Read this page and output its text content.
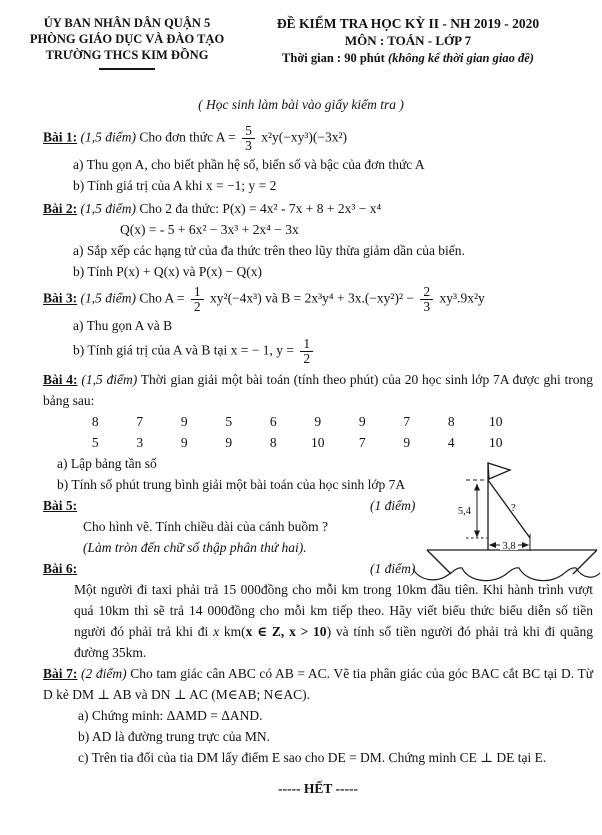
ỦY BAN NHÂN DÂN QUẬN 5
PHÒNG GIÁO DỤC VÀ ĐÀO TẠO
TRƯỜNG THCS KIM ĐỒNG
ĐỀ KIỂM TRA HỌC KỲ II - NH 2019 - 2020
MÔN : TOÁN - LỚP 7
Thời gian : 90 phút (không kể thời gian giao đề)

( Học sinh làm bài vào giấy kiểm tra )

Bài 1: (1,5 điểm) Cho đơn thức $A = \frac{5}{3} x^2y(-xy^3)(-3x^2)$

a) Thu gọn A, cho biết phần hệ số, biến số và bậc của đơn thức A

b) Tính giá trị của A khi x = −1; y = 2

Bài 2: (1,5 điểm) Cho 2 đa thức: P(x) = 4x² - 7x + 8 + 2x³ − x⁴

Q(x) = - 5 + 6x² − 3x³ + 2x⁴ − 3x

a) Sắp xếp các hạng tử của đa thức trên theo lũy thừa giảm dần của biến.

b) Tính P(x) + Q(x) và P(x) − Q(x)

Bài 3: (1,5 điểm) Cho $A = \frac{1}{2} xy^2(-4x^3)$ và $B = 2x^3y^4 + 3x.(-xy^2)^2 - \frac{2}{3} xy^3.9x^2y$

a) Thu gọn A và B

b) Tính giá trị của A và B tại x = − 1, $y = \frac{1}{2}$

Bài 4: (1,5 điểm) Thời gian giải một bài toán (tính theo phút) của 20 học sinh lớp 7A được ghi trong bảng sau:

8	7	9	5	6	9	9	7	8	10
5	3	9	9	8	10	7	9	4	10

a) Lập bảng tần số

b) Tính số phút trung bình giải một bài toán của học sinh lớp 7A

Bài 5:	(1 điểm)

Cho hình vẽ. Tính chiều dài của cánh buồm ?

(Làm tròn đến chữ số thập phân thứ hai).

Bài 6:	(1 điểm)

Một người đi taxi phải trả 15 000đồng cho mỗi km trong 10km đầu tiên. Khi hành trình vượt quá 10km thì sẽ trả 14 000đồng cho mỗi km tiếp theo. Hãy viết biểu thức biểu diễn số tiền người đó phải trả khi đi x km(x ∈ Z, x > 10) và tính số tiền người đó phải trả khi đi quãng đường 35km.

Bài 7: (2 điểm) Cho tam giác cân ABC có AB = AC. Vẽ tia phân giác của góc BAC cắt BC tại D. Từ D kẻ DM ⊥ AB và DN ⊥ AC (M∈AB; N∈AC).

a) Chứng minh: ΔAMD = ΔAND.

b) AD là đường trung trực của MN.

c) Trên tia đối của tia DM lấy điểm E sao cho DE = DM. Chứng minh CE ⊥ DE tại E.

----- HẾT -----

5,4	?
3,8
